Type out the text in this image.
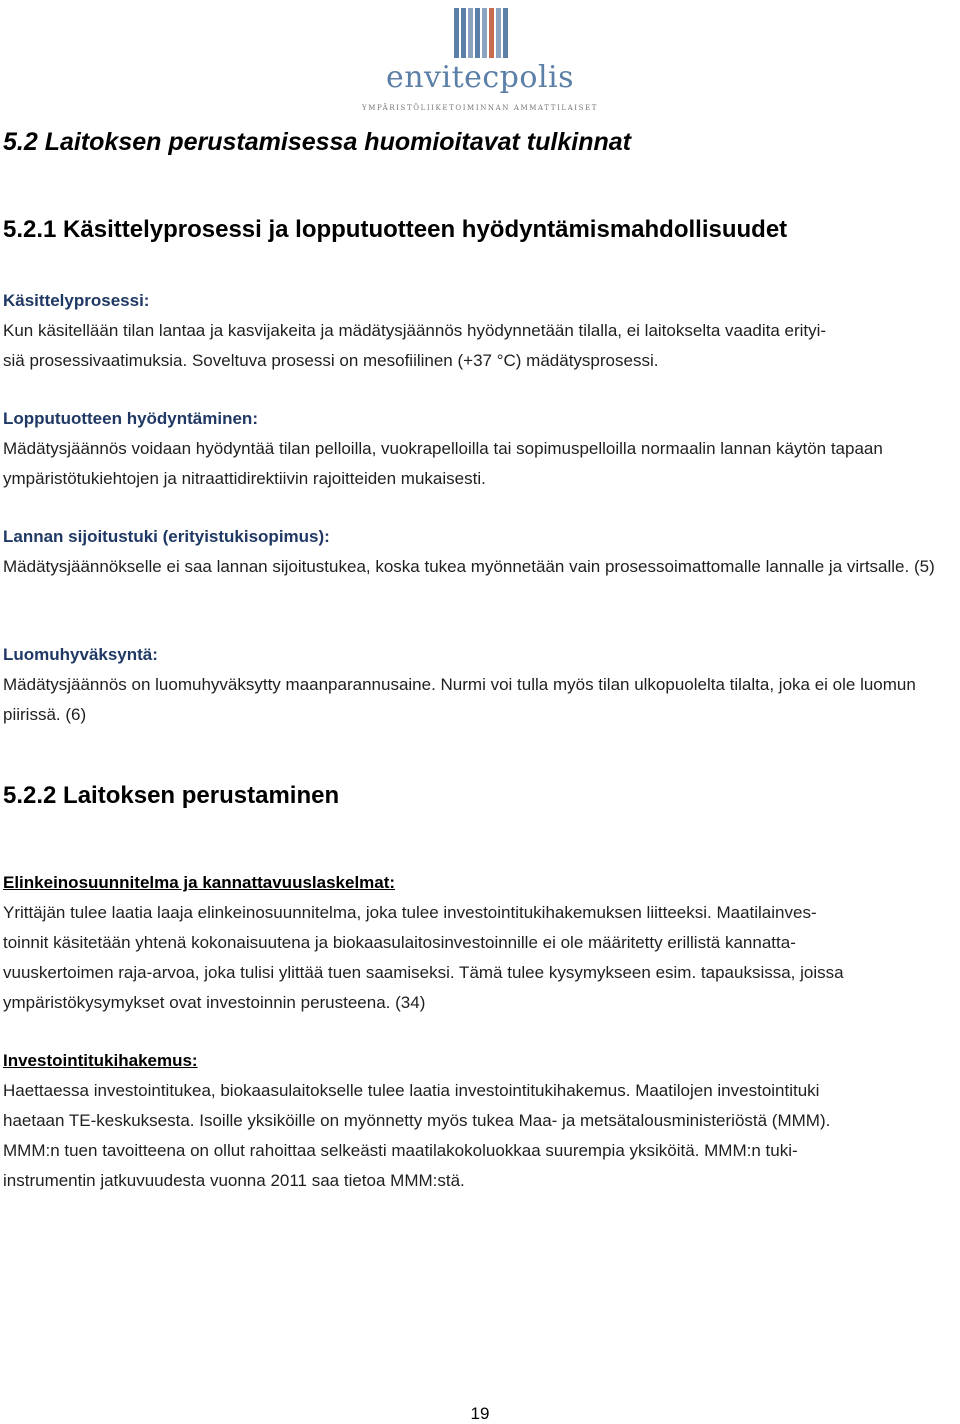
envitecpolis
YMPÄRISTÖLIIKETOIMINNAN AMMATTILAISET
5.2 Laitoksen perustamisessa huomioitavat tulkinnat
5.2.1 Käsittelyprosessi ja lopputuotteen hyödyntämismahdollisuudet

Käsittelyprosessi:

Kun käsitellään tilan lantaa ja kasvijakeita ja mädätysjäännös hyödynnetään tilalla, ei laitokselta vaadita erityi-

siä prosessivaatimuksia. Soveltuva prosessi on mesofiilinen (+37 °C) mädätysprosessi.

Lopputuotteen hyödyntäminen:

Mädätysjäännös voidaan hyödyntää tilan pelloilla, vuokrapelloilla tai sopimuspelloilla normaalin lannan käytön tapaan ympäristötukiehtojen ja nitraattidirektiivin rajoitteiden mukaisesti.

Lannan sijoitustuki (erityistukisopimus):

Mädätysjäännökselle ei saa lannan sijoitustukea, koska tukea myönnetään vain prosessoimattomalle lannalle ja virtsalle. (5)

Luomuhyväksyntä:

Mädätysjäännös on luomuhyväksytty maanparannusaine. Nurmi voi tulla myös tilan ulkopuolelta tilalta, joka ei ole luomun piirissä. (6)

5.2.2 Laitoksen perustaminen

Elinkeinosuunnitelma ja kannattavuuslaskelmat:

Yrittäjän tulee laatia laaja elinkeinosuunnitelma, joka tulee investointitukihakemuksen liitteeksi. Maatilainves-

toinnit käsitetään yhtenä kokonaisuutena ja biokaasulaitosinvestoinnille ei ole määritetty erillistä kannatta-

vuuskertoimen raja-arvoa, joka tulisi ylittää tuen saamiseksi. Tämä tulee kysymykseen esim. tapauksissa, joissa

ympäristökysymykset ovat investoinnin perusteena. (34)

Investointitukihakemus:

Haettaessa investointitukea, biokaasulaitokselle tulee laatia investointitukihakemus. Maatilojen investointituki

haetaan TE-keskuksesta. Isoille yksiköille on myönnetty myös tukea Maa- ja metsätalousministeriöstä (MMM).

MMM:n tuen tavoitteena on ollut rahoittaa selkeästi maatilakokoluokkaa suurempia yksiköitä. MMM:n tuki-

instrumentin jatkuvuudesta vuonna 2011 saa tietoa MMM:stä.

19
